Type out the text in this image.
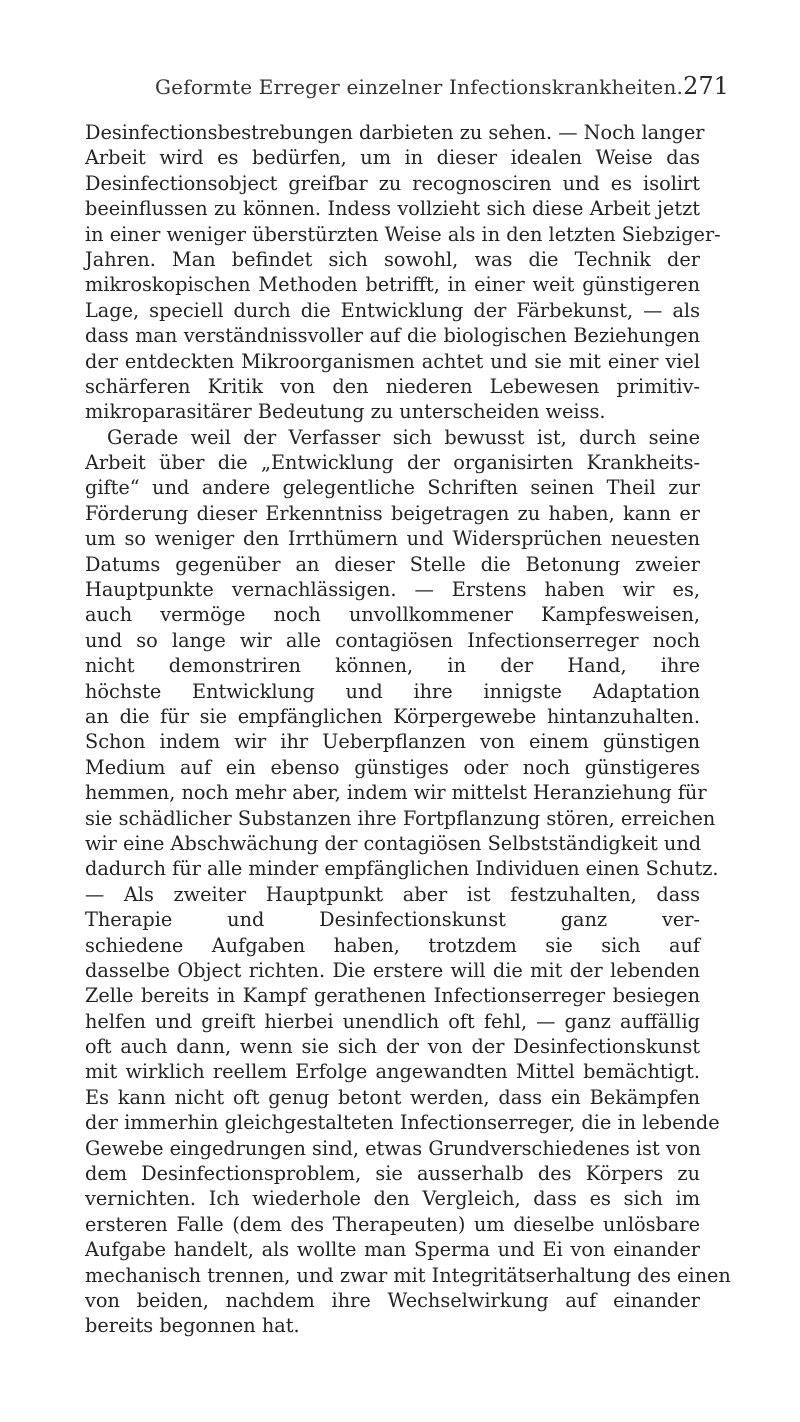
Geformte Erreger einzelner Infectionskrankheiten. 271
Desinfectionsbestrebungen darbieten zu sehen. — Noch langer
Arbeit wird es bedürfen, um in dieser idealen Weise das
Desinfectionsobject greifbar zu recognosciren und es isolirt
beeinflussen zu können. Indess vollzieht sich diese Arbeit jetzt
in einer weniger überstürzten Weise als in den letzten Siebziger-
Jahren. Man befindet sich sowohl, was die Technik der
mikroskopischen Methoden betrifft, in einer weit günstigeren
Lage, speciell durch die Entwicklung der Färbekunst, — als
dass man verständnissvoller auf die biologischen Beziehungen
der entdeckten Mikroorganismen achtet und sie mit einer viel
schärferen Kritik von den niederen Lebewesen primitiv-
mikroparasitärer Bedeutung zu unterscheiden weiss.
Gerade weil der Verfasser sich bewusst ist, durch seine
Arbeit über die „Entwicklung der organisirten Krankheits-
gifte“ und andere gelegentliche Schriften seinen Theil zur
Förderung dieser Erkenntniss beigetragen zu haben, kann er
um so weniger den Irrthümern und Widersprüchen neuesten
Datums gegenüber an dieser Stelle die Betonung zweier
Hauptpunkte vernachlässigen. — Erstens haben wir es,
auch vermöge noch unvollkommener Kampfesweisen,
und so lange wir alle contagiösen Infectionserreger noch
nicht demonstriren können, in der Hand, ihre
höchste Entwicklung und ihre innigste Adaptation
an die für sie empfänglichen Körpergewebe hintanzuhalten.
Schon indem wir ihr Ueberpflanzen von einem günstigen
Medium auf ein ebenso günstiges oder noch günstigeres
hemmen, noch mehr aber, indem wir mittelst Heranziehung für
sie schädlicher Substanzen ihre Fortpflanzung stören, erreichen
wir eine Abschwächung der contagiösen Selbstständigkeit und
dadurch für alle minder empfänglichen Individuen einen Schutz.
— Als zweiter Hauptpunkt aber ist festzuhalten, dass
Therapie und Desinfectionskunst ganz ver-
schiedene Aufgaben haben, trotzdem sie sich auf
dasselbe Object richten. Die erstere will die mit der lebenden
Zelle bereits in Kampf gerathenen Infectionserreger besiegen
helfen und greift hierbei unendlich oft fehl, — ganz auffällig
oft auch dann, wenn sie sich der von der Desinfectionskunst
mit wirklich reellem Erfolge angewandten Mittel bemächtigt.
Es kann nicht oft genug betont werden, dass ein Bekämpfen
der immerhin gleichgestalteten Infectionserreger, die in lebende
Gewebe eingedrungen sind, etwas Grundverschiedenes ist von
dem Desinfectionsproblem, sie ausserhalb des Körpers zu
vernichten. Ich wiederhole den Vergleich, dass es sich im
ersteren Falle (dem des Therapeuten) um dieselbe unlösbare
Aufgabe handelt, als wollte man Sperma und Ei von einander
mechanisch trennen, und zwar mit Integritätserhaltung des einen
von beiden, nachdem ihre Wechselwirkung auf einander
bereits begonnen hat.
